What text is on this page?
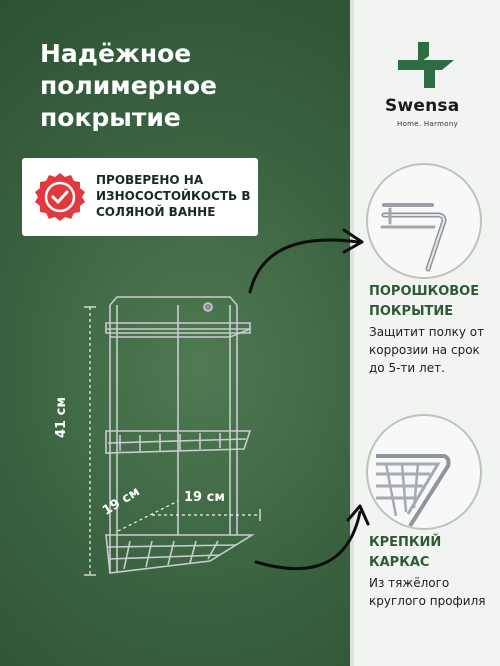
Надёжное
полимерное
покрытие
ПРОВЕРЕНО НА
ИЗНОСОСТОЙКОСТЬ В
СОЛЯНОЙ ВАННЕ
Swensa
Home. Harmony
ПОРОШКОВОЕ
ПОКРЫТИЕ
Защитит полку от коррозии на срок до 5-ти лет.
КРЕПКИЙ
КАРКАС
Из тяжёлого круглого профиля
41 см
19 см	19 см
